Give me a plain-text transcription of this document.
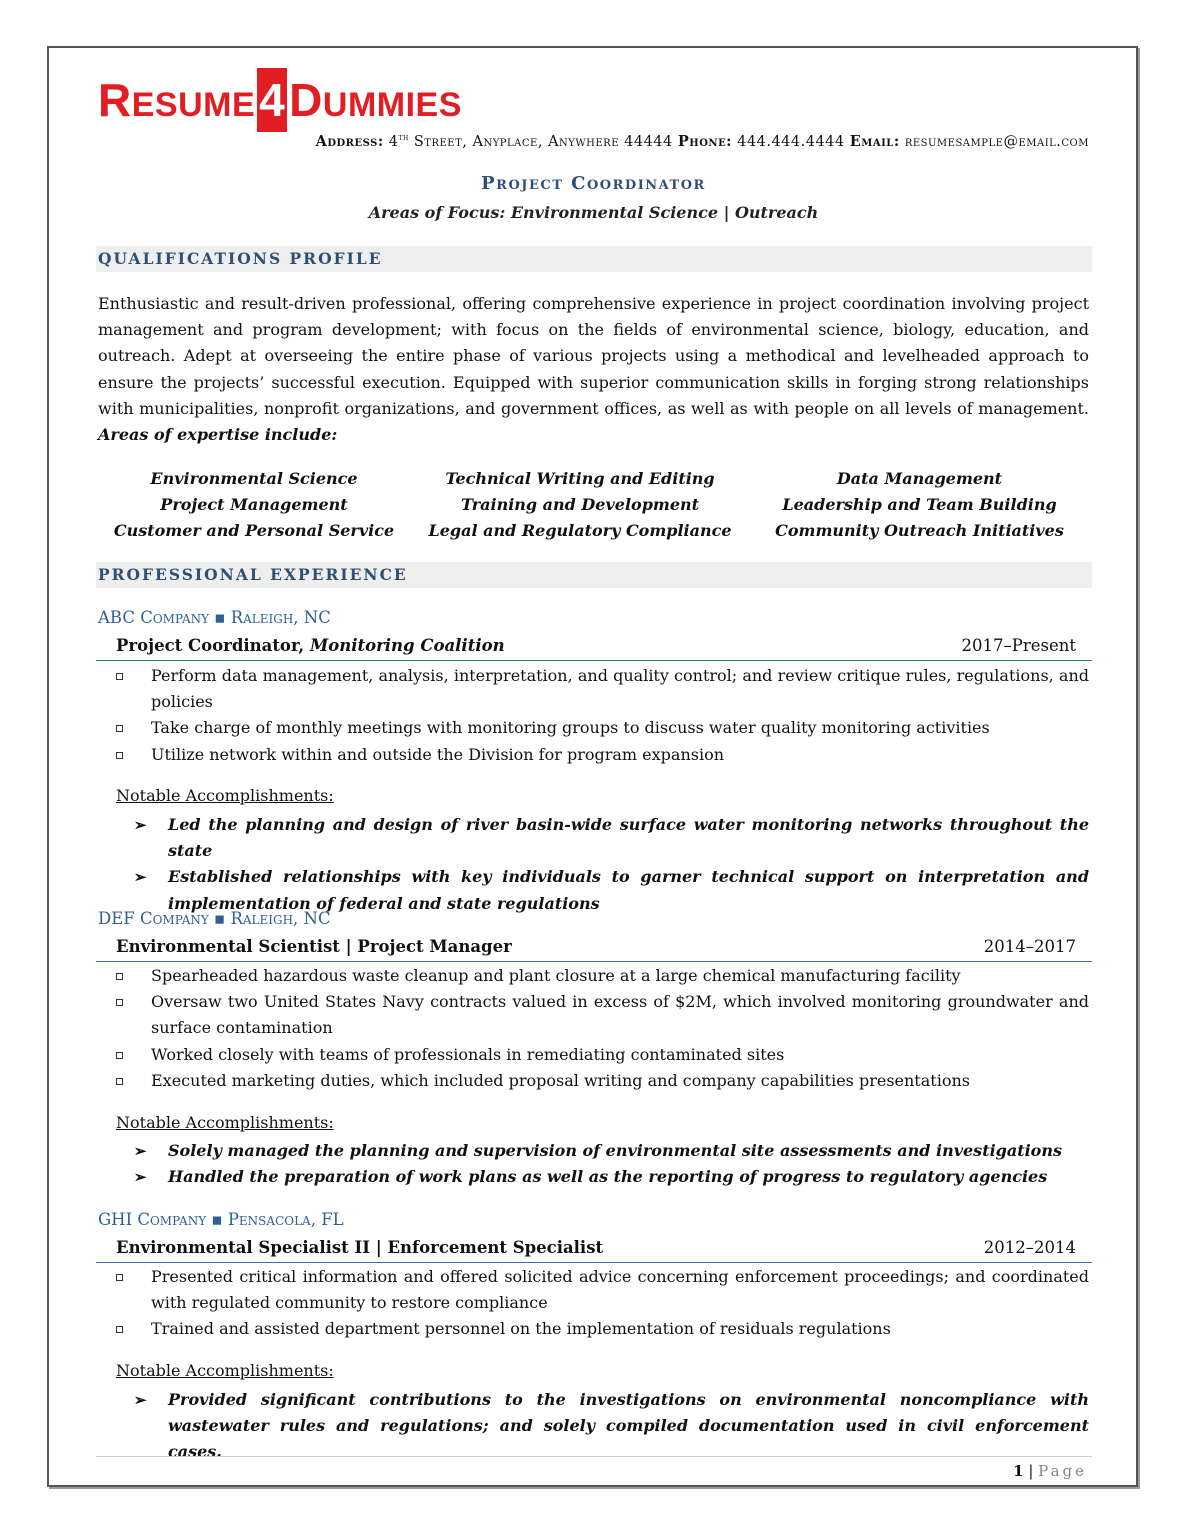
RESUME4DUMMIES
Address: 4th Street, Anyplace, Anywhere 44444 Phone: 444.444.4444 Email: resumesample@email.com
Project Coordinator
Areas of Focus: Environmental Science | Outreach
QUALIFICATIONS PROFILE
Enthusiastic and result-driven professional, offering comprehensive experience in project coordination involving project management and program development; with focus on the fields of environmental science, biology, education, and outreach. Adept at overseeing the entire phase of various projects using a methodical and levelheaded approach to ensure the projects’ successful execution. Equipped with superior communication skills in forging strong relationships with municipalities, nonprofit organizations, and government offices, as well as with people on all levels of management. Areas of expertise include:
Environmental Science	Technical Writing and Editing	Data Management
Project Management	Training and Development	Leadership and Team Building
Customer and Personal Service	Legal and Regulatory Compliance	Community Outreach Initiatives
PROFESSIONAL EXPERIENCE
ABC Company ▪ Raleigh, NC
Project Coordinator, Monitoring Coalition	2017–Present
Perform data management, analysis, interpretation, and quality control; and review critique rules, regulations, and policies
Take charge of monthly meetings with monitoring groups to discuss water quality monitoring activities
Utilize network within and outside the Division for program expansion
Notable Accomplishments:
➢ Led the planning and design of river basin-wide surface water monitoring networks throughout the state
➢ Established relationships with key individuals to garner technical support on interpretation and implementation of federal and state regulations
DEF Company ▪ Raleigh, NC
Environmental Scientist | Project Manager	2014–2017
Spearheaded hazardous waste cleanup and plant closure at a large chemical manufacturing facility
Oversaw two United States Navy contracts valued in excess of $2M, which involved monitoring groundwater and surface contamination
Worked closely with teams of professionals in remediating contaminated sites
Executed marketing duties, which included proposal writing and company capabilities presentations
Notable Accomplishments:
➢ Solely managed the planning and supervision of environmental site assessments and investigations
➢ Handled the preparation of work plans as well as the reporting of progress to regulatory agencies
GHI Company ▪ Pensacola, FL
Environmental Specialist II | Enforcement Specialist	2012–2014
Presented critical information and offered solicited advice concerning enforcement proceedings; and coordinated with regulated community to restore compliance
Trained and assisted department personnel on the implementation of residuals regulations
Notable Accomplishments:
➢ Provided significant contributions to the investigations on environmental noncompliance with wastewater rules and regulations; and solely compiled documentation used in civil enforcement cases.
1 | Page
